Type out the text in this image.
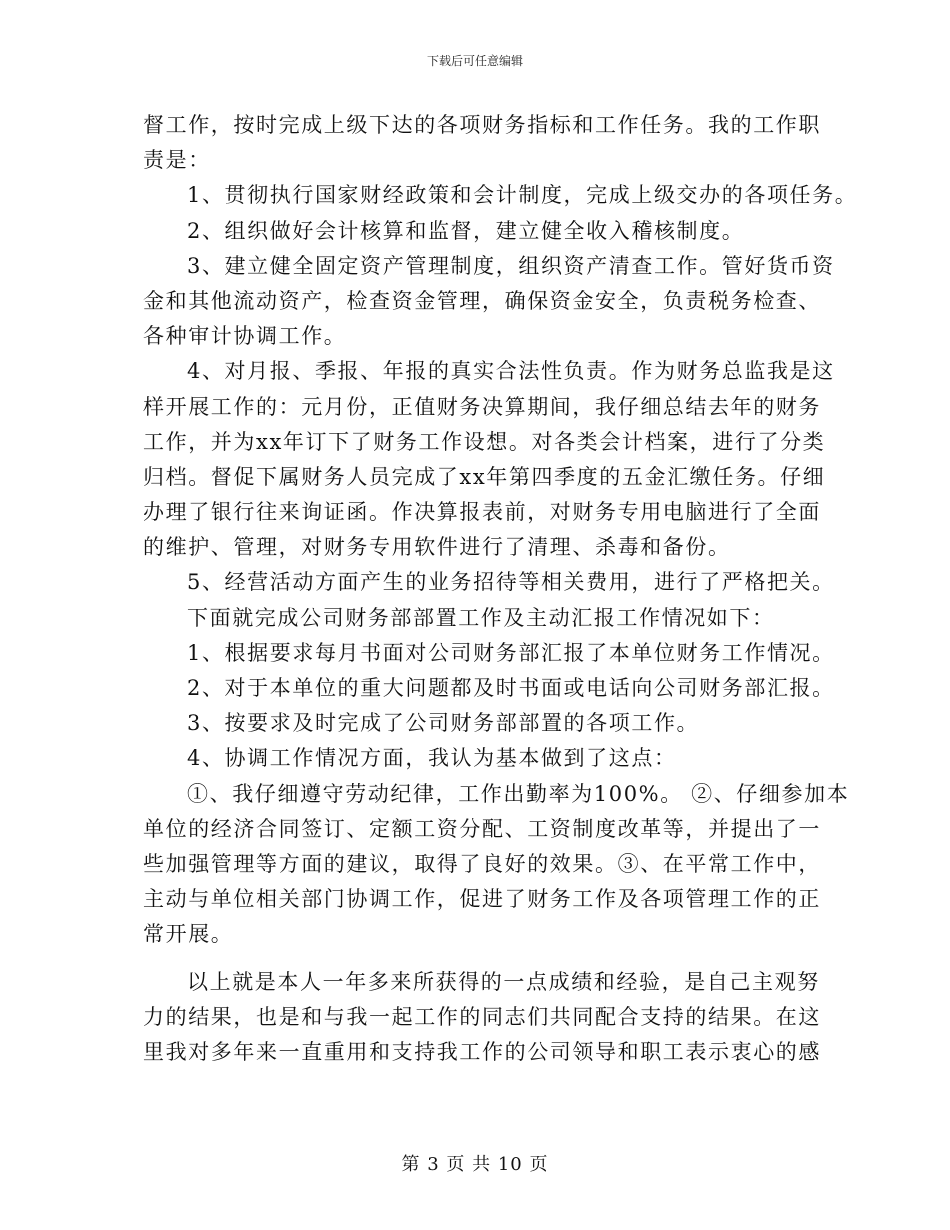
下载后可任意编辑
督工作，按时完成上级下达的各项财务指标和工作任务。我的工作职
责是：
1、贯彻执行国家财经政策和会计制度，完成上级交办的各项任务。
2、组织做好会计核算和监督，建立健全收入稽核制度。
3、建立健全固定资产管理制度，组织资产清查工作。管好货币资
金和其他流动资产，检查资金管理，确保资金安全，负责税务检查、
各种审计协调工作。
4、对月报、季报、年报的真实合法性负责。作为财务总监我是这
样开展工作的：元月份，正值财务决算期间，我仔细总结去年的财务
工作，并为xx年订下了财务工作设想。对各类会计档案，进行了分类
归档。督促下属财务人员完成了xx年第四季度的五金汇缴任务。仔细
办理了银行往来询证函。作决算报表前，对财务专用电脑进行了全面
的维护、管理，对财务专用软件进行了清理、杀毒和备份。
5、经营活动方面产生的业务招待等相关费用，进行了严格把关。
下面就完成公司财务部部置工作及主动汇报工作情况如下：
1、根据要求每月书面对公司财务部汇报了本单位财务工作情况。
2、对于本单位的重大问题都及时书面或电话向公司财务部汇报。
3、按要求及时完成了公司财务部部置的各项工作。
4、协调工作情况方面，我认为基本做到了这点：
①、我仔细遵守劳动纪律，工作出勤率为100%。 ②、仔细参加本
单位的经济合同签订、定额工资分配、工资制度改革等，并提出了一
些加强管理等方面的建议，取得了良好的效果。③、在平常工作中，
主动与单位相关部门协调工作，促进了财务工作及各项管理工作的正
常开展。
以上就是本人一年多来所获得的一点成绩和经验，是自己主观努
力的结果，也是和与我一起工作的同志们共同配合支持的结果。在这
里我对多年来一直重用和支持我工作的公司领导和职工表示衷心的感
第 3 页 共 10 页
